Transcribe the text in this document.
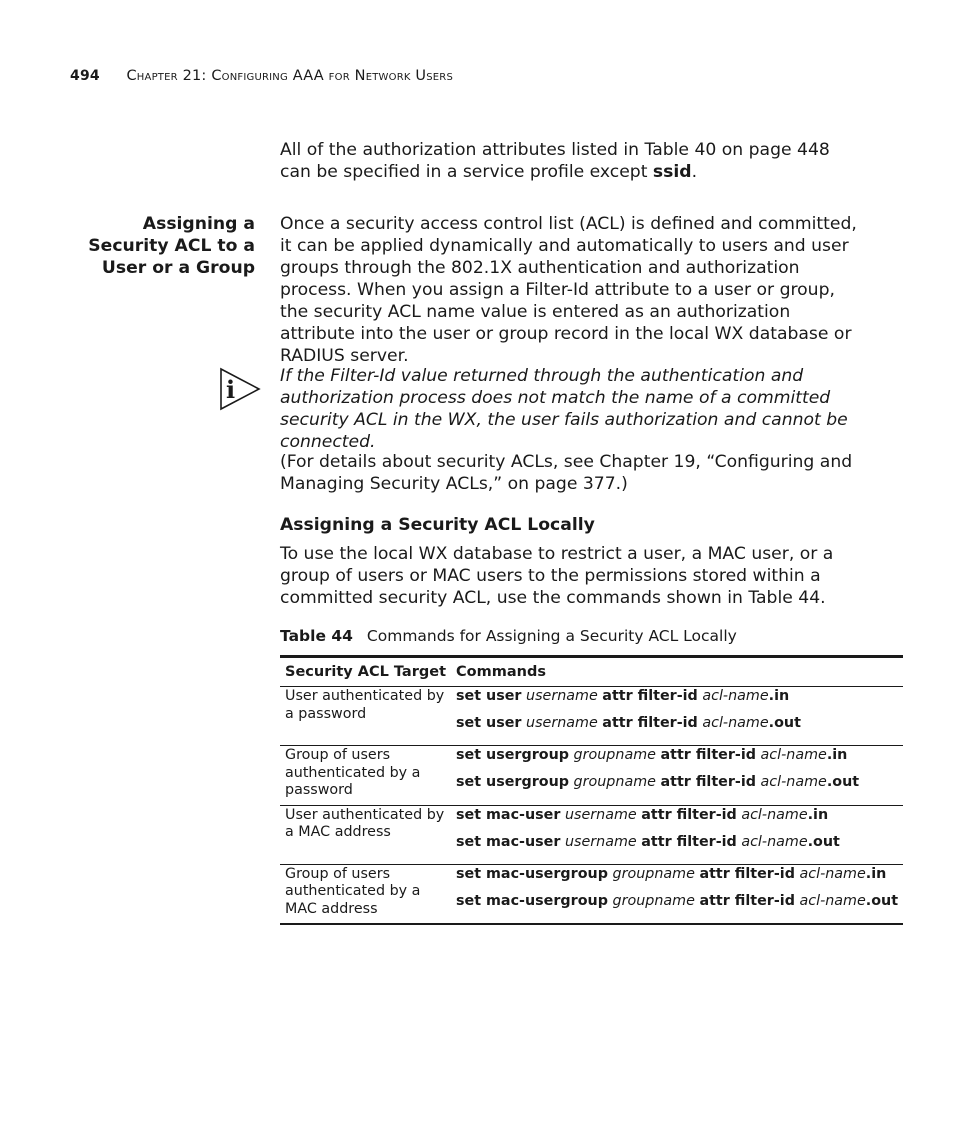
494 Chapter 21: Configuring AAA for Network Users
All of the authorization attributes listed in Table 40 on page 448 can be specified in a service profile except ssid.
Assigning a Security ACL to a User or a Group
Once a security access control list (ACL) is defined and committed, it can be applied dynamically and automatically to users and user groups through the 802.1X authentication and authorization process. When you assign a Filter-Id attribute to a user or group, the security ACL name value is entered as an authorization attribute into the user or group record in the local WX database or RADIUS server.
i	If the Filter-Id value returned through the authentication and authorization process does not match the name of a committed security ACL in the WX, the user fails authorization and cannot be connected.
(For details about security ACLs, see Chapter 19, “Configuring and Managing Security ACLs,” on page 377.)
Assigning a Security ACL Locally
To use the local WX database to restrict a user, a MAC user, or a group of users or MAC users to the permissions stored within a committed security ACL, use the commands shown in Table 44.
Table 44 Commands for Assigning a Security ACL Locally
Security ACL Target	Commands
User authenticated by a password	set user username attr filter-id acl-name.in
set user username attr filter-id acl-name.out

Group of users authenticated by a password	set usergroup groupname attr filter-id acl-name.in
set usergroup groupname attr filter-id acl-name.out

User authenticated by a MAC address	set mac-user username attr filter-id acl-name.in
set mac-user username attr filter-id acl-name.out

Group of users authenticated by a MAC address	set mac-usergroup groupname attr filter-id acl-name.in
set mac-usergroup groupname attr filter-id acl-name.out
